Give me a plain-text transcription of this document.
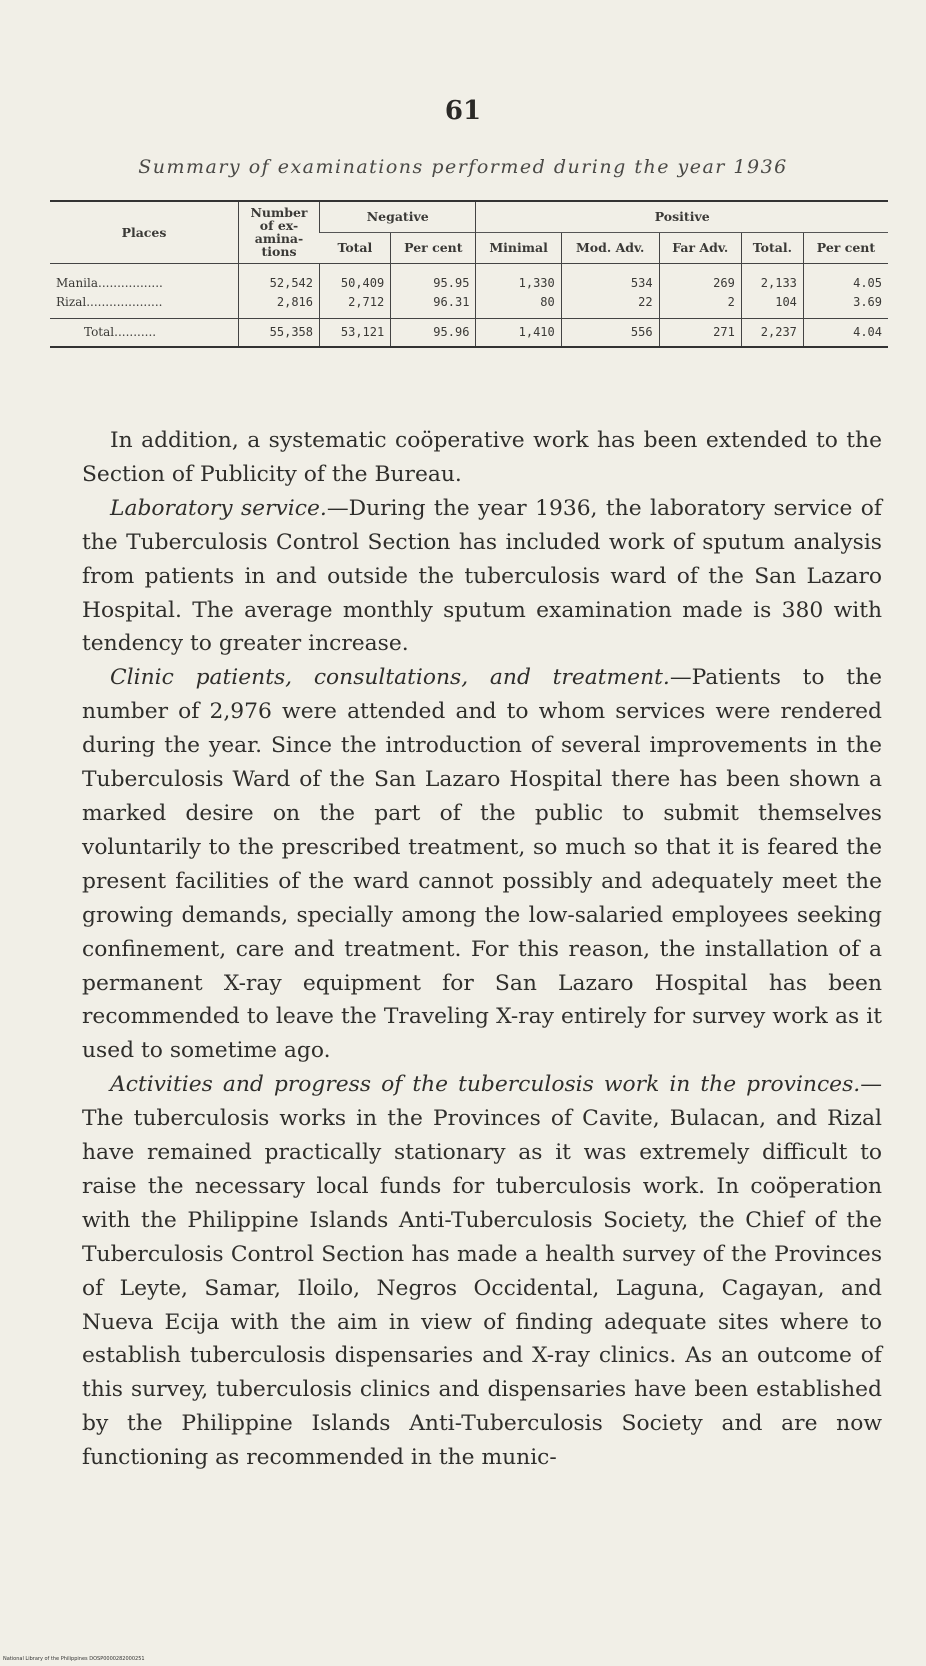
61
Summary of examinations performed during the year 1936
Places	Number of ex-amina-tions	Negative		Positive				
		Total	Per cent	Minimal	Mod. Adv.	Far Adv.	Total.	Per cent
Manila.................	52,542	50,409	95.95	1,330	534	269	2,133	4.05
Rizal....................	2,816	2,712	96.31	80	22	2	104	3.69
Total...........	55,358	53,121	95.96	1,410	556	271	2,237	4.04

In addition, a systematic coöperative work has been extended to the Section of Publicity of the Bureau.

Laboratory service.—During the year 1936, the laboratory service of the Tuberculosis Control Section has included work of sputum analysis from patients in and outside the tuberculosis ward of the San Lazaro Hospital. The average monthly sputum examination made is 380 with tendency to greater increase.

Clinic patients, consultations, and treatment.—Patients to the number of 2,976 were attended and to whom services were rendered during the year. Since the introduction of several improvements in the Tuberculosis Ward of the San Lazaro Hospital there has been shown a marked desire on the part of the public to submit themselves voluntarily to the prescribed treatment, so much so that it is feared the present facilities of the ward cannot possibly and adequately meet the growing demands, specially among the low-salaried employees seeking confinement, care and treatment. For this reason, the installation of a permanent X-ray equipment for San Lazaro Hospital has been recommended to leave the Traveling X-ray entirely for survey work as it used to sometime ago.

Activities and progress of the tuberculosis work in the provinces.—The tuberculosis works in the Provinces of Cavite, Bulacan, and Rizal have remained practically stationary as it was extremely difficult to raise the necessary local funds for tuberculosis work. In coöperation with the Philippine Islands Anti-Tuberculosis Society, the Chief of the Tuberculosis Control Section has made a health survey of the Provinces of Leyte, Samar, Iloilo, Negros Occidental, Laguna, Cagayan, and Nueva Ecija with the aim in view of finding adequate sites where to establish tuberculosis dispensaries and X-ray clinics. As an outcome of this survey, tuberculosis clinics and dispensaries have been established by the Philippine Islands Anti-Tuberculosis Society and are now functioning as recommended in the munic-

National Library of the Philippines DOSP0000282000251
